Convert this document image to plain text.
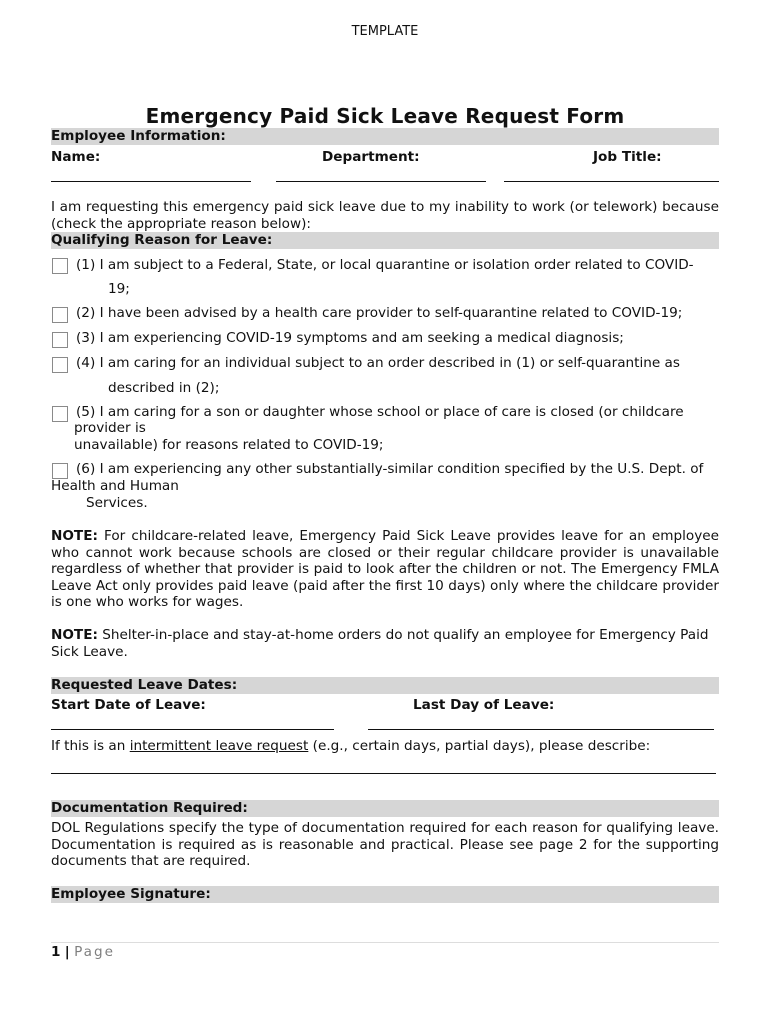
TEMPLATE
Emergency Paid Sick Leave Request Form
Employee Information:
Name:	Department:	Job Title:
I am requesting this emergency paid sick leave due to my inability to work (or telework) because (check the appropriate reason below):
Qualifying Reason for Leave:
(1) I am subject to a Federal, State, or local quarantine or isolation order related to COVID-
19;
(2) I have been advised by a health care provider to self-quarantine related to COVID-19;
(3) I am experiencing COVID-19 symptoms and am seeking a medical diagnosis;
(4) I am caring for an individual subject to an order described in (1) or self-quarantine as
described in (2);
(5) I am caring for a son or daughter whose school or place of care is closed (or childcare
provider is
unavailable) for reasons related to COVID-19;
(6) I am experiencing any other substantially-similar condition specified by the U.S. Dept. of
Health and Human
Services.
NOTE: For childcare-related leave, Emergency Paid Sick Leave provides leave for an employee who cannot work because schools are closed or their regular childcare provider is unavailable regardless of whether that provider is paid to look after the children or not. The Emergency FMLA Leave Act only provides paid leave (paid after the first 10 days) only where the childcare provider is one who works for wages.
NOTE: Shelter-in-place and stay-at-home orders do not qualify an employee for Emergency Paid Sick Leave.
Requested Leave Dates:
Start Date of Leave:	Last Day of Leave:
If this is an intermittent leave request (e.g., certain days, partial days), please describe:
Documentation Required:
DOL Regulations specify the type of documentation required for each reason for qualifying leave. Documentation is required as is reasonable and practical. Please see page 2 for the supporting documents that are required.
Employee Signature:
1 | Page
